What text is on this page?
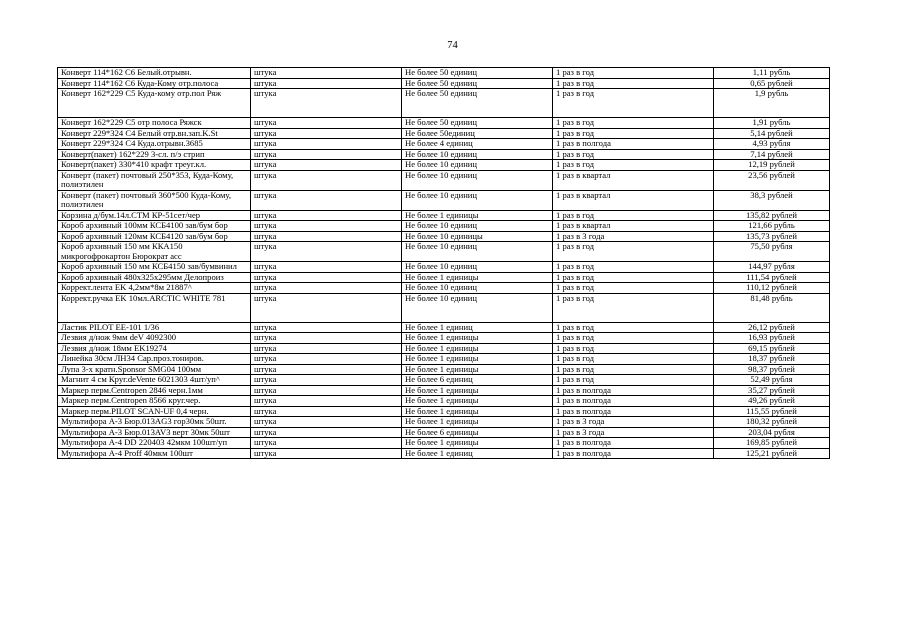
74
Конверт 114*162 С6 Белый.отрывн.	штука	Не более 50 единиц	1 раз в год	1,11 рубль
Конверт 114*162 С6 Куда-Кому отр.полоса	штука	Не более 50 единиц	1 раз в год	0,65 рублей
Конверт 162*229 С5 Куда-кому отр.пол Ряж	штука	Не более 50 единиц	1 раз в год	1,9 рубль
Конверт 162*229 С5 отр полоса Ряжск	штука	Не более 50 единиц	1 раз в год	1,91 рубль
Конверт 229*324 С4 Белый отр.вн.зап.K.St	штука	Не более 50единиц	1 раз в год	5,14 рублей
Конверт 229*324 С4 Куда.отрывн.3685	штука	Не более 4 единиц	1 раз в полгода	4,93 рубля
Конверт(пакет) 162*229 3-сл. п/э стрип	штука	Не более 10 единиц	1 раз в год	7,14 рублей
Конверт(пакет) 330*410 крафт треуг.кл.	штука	Не более 10 единиц	1 раз в год	12,19 рублей
Конверт (пакет) почтовый 250*353, Куда-Кому, полиэтилен	штука	Не более 10 единиц	1 раз в квартал	23,56 рублей
Конверт (пакет) почтовый 360*500 Куда-Кому, полиэтилен	штука	Не более 10 единиц	1 раз в квартал	38,3 рублей
Корзина д/бум.14л.СТМ КР-51сет/чер	штука	Не более 1 единицы	1 раз в год	135,82 рублей
Короб архивный 100мм КСБ4100 зав/бум бор	штука	Не более 10 единиц	1 раз в квартал	121,66 рубль
Короб архивный 120мм КСБ4120 зав/бум бор	штука	Не более 10 единицы	1 раз в 3 года	135,73 рублей
Короб архивный 150 мм ККА150 микрогофрокартон Бюрократ acc	штука	Не более 10 единиц	1 раз в год	75,50 рубля
Короб архивный 150 мм КСБ4150 зав/бумвинил	штука	Не более 10 единиц	1 раз в год	144,97 рубля
Короб архивный 480х325х295мм Делопроиз	штука	Не более 1 единицы	1 раз в год	111,54 рублей
Коррект.лента EK 4,2мм*8м 21887^	штука	Не более 10 единиц	1 раз в год	110,12 рублей
Коррект.ручка EK 10мл.ARCTIC WHITE 781	штука	Не более 10 единиц	1 раз в год	81,48 рубль
Ластик PILOT EE-101 1/36	штука	Не более 1 единиц	1 раз в год	26,12 рублей
Лезвия д/нож 9мм deV 4092300	штука	Не более 1 единицы	1 раз в год	16,93 рублей
Лезвия д/нож 18мм EK19274	штука	Не более 1 единицы	1 раз в год	69,15 рублей
Линейка 30см ЛН34 Сар.проз.тониров.	штука	Не более 1 единицы	1 раз в год	18,37 рублей
Лупа 3-х кратн.Sponsor SMG04 100мм	штука	Не более 1 единицы	1 раз в год	98,37 рублей
Магнит 4 см Круг.deVente 6021303 4шт/уп^	штука	Не более 6 единиц	1 раз в год	52,49 рубля
Маркер перм.Centropen 2846 черн.1мм	штука	Не более 1 единицы	1 раз в полгода	35,27 рублей
Маркер перм.Centropen 8566 круг.чер.	штука	Не более 1 единицы	1 раз в полгода	49,26 рублей
Маркер перм.PILOT SCAN-UF 0,4 черн.	штука	Не более 1 единицы	1 раз в полгода	115,55 рублей
Мультифора А-3 Бюр.013AG3 гор30мк 50шт.	штука	Не более 1 единицы	1 раз в 3 года	180,32 рублей
Мультифора А-3 Бюр.013AV3 верт 30мк 50шт	штука	Не более 6 единицы	1 раз в 3 года	203,04 рубля
Мультифора А-4 DD 220403 42мкм 100шт/уп	штука	Не более 1 единицы	1 раз в полгода	169,85 рублей
Мультифора А-4 Proff 40мкм 100шт	штука	Не более 1 единиц	1 раз в полгода	125,21 рублей
